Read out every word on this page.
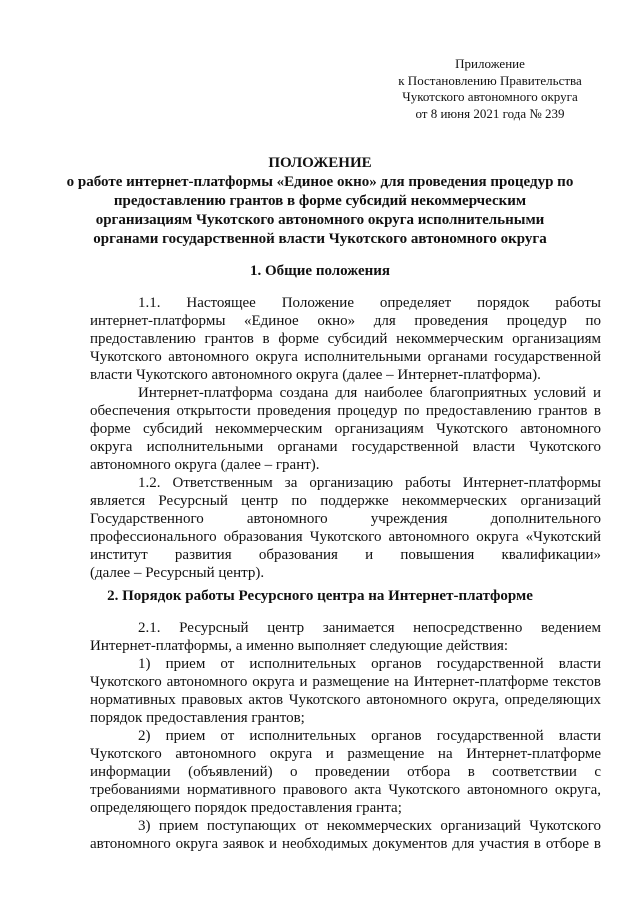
Приложение
к Постановлению Правительства
Чукотского автономного округа
от 8 июня 2021 года № 239
ПОЛОЖЕНИЕ
о работе интернет-платформы «Единое окно» для проведения процедур по
предоставлению грантов в форме субсидий некоммерческим
организациям Чукотского автономного округа исполнительными
органами государственной власти Чукотского автономного округа
1. Общие положения
1.1. Настоящее Положение определяет порядок работы
интернет-платформы «Единое окно» для проведения процедур по
предоставлению грантов в форме субсидий некоммерческим организациям
Чукотского автономного округа исполнительными органами государственной
власти Чукотского автономного округа (далее – Интернет-платформа).
Интернет-платформа создана для наиболее благоприятных условий и
обеспечения открытости проведения процедур по предоставлению грантов в
форме субсидий некоммерческим организациям Чукотского автономного
округа исполнительными органами государственной власти Чукотского
автономного округа (далее – грант).
1.2. Ответственным за организацию работы Интернет-платформы
является Ресурсный центр по поддержке некоммерческих организаций
Государственного автономного учреждения дополнительного
профессионального образования Чукотского автономного округа «Чукотский
институт развития образования и повышения квалификации»
(далее – Ресурсный центр).
2. Порядок работы Ресурсного центра на Интернет-платформе
2.1. Ресурсный центр занимается непосредственно ведением
Интернет-платформы, а именно выполняет следующие действия:
1) прием от исполнительных органов государственной власти
Чукотского автономного округа и размещение на Интернет-платформе текстов
нормативных правовых актов Чукотского автономного округа, определяющих
порядок предоставления грантов;
2) прием от исполнительных органов государственной власти
Чукотского автономного округа и размещение на Интернет-платформе
информации (объявлений) о проведении отбора в соответствии с
требованиями нормативного правового акта Чукотского автономного округа,
определяющего порядок предоставления гранта;
3) прием поступающих от некоммерческих организаций Чукотского
автономного округа заявок и необходимых документов для участия в отборе в
